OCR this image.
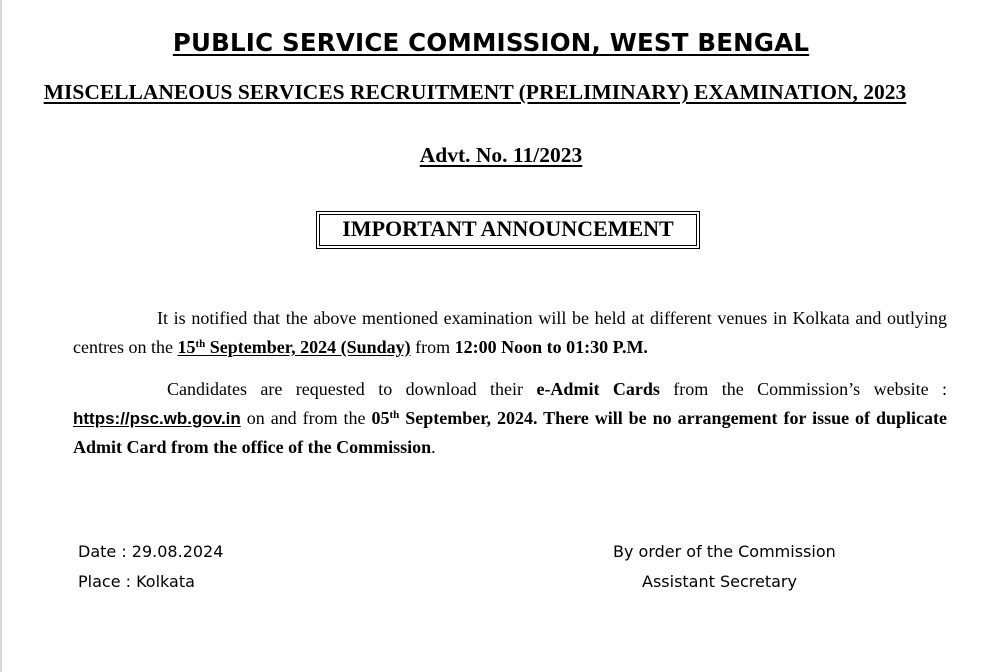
PUBLIC SERVICE COMMISSION, WEST BENGAL
MISCELLANEOUS SERVICES RECRUITMENT (PRELIMINARY) EXAMINATION, 2023
Advt. No. 11/2023
IMPORTANT ANNOUNCEMENT

It is notified that the above mentioned examination will be held at different venues in Kolkata and outlying centres on the 15th September, 2024 (Sunday) from 12:00 Noon to 01:30 P.M.

Candidates are requested to download their e-Admit Cards from the Commission’s website : https://psc.wb.gov.in on and from the 05th September, 2024. There will be no arrangement for issue of duplicate Admit Card from the office of the Commission.

Date : 29.08.2024
Place : Kolkata
By order of the Commission
Assistant Secretary
